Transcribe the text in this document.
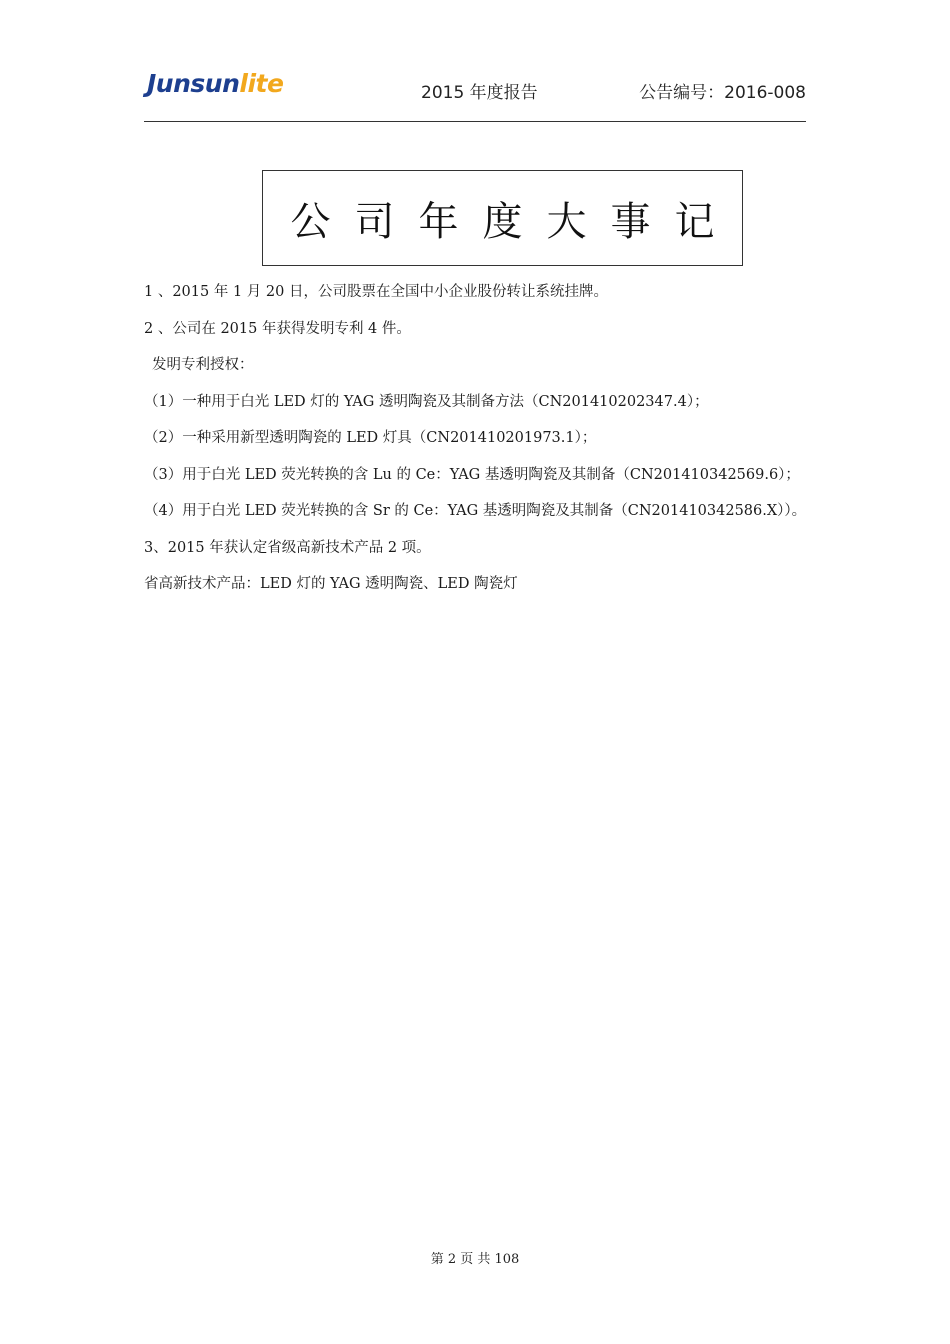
Junsun lite	2015 年度报告	公告编号：2016-008
公司年度大事记
1 、2015 年 1 月 20 日，公司股票在全国中小企业股份转让系统挂牌。
2 、公司在 2015 年获得发明专利 4 件。
发明专利授权：
（1）一种用于白光 LED 灯的 YAG 透明陶瓷及其制备方法（CN201410202347.4）；
（2）一种采用新型透明陶瓷的 LED 灯具（CN201410201973.1）；
（3）用于白光 LED 荧光转换的含 Lu 的 Ce：YAG 基透明陶瓷及其制备（CN201410342569.6）；
（4）用于白光 LED 荧光转换的含 Sr 的 Ce：YAG 基透明陶瓷及其制备（CN201410342586.X））。
3、2015 年获认定省级高新技术产品 2 项。
省高新技术产品：LED 灯的 YAG 透明陶瓷、LED 陶瓷灯
第 2 页 共 108
